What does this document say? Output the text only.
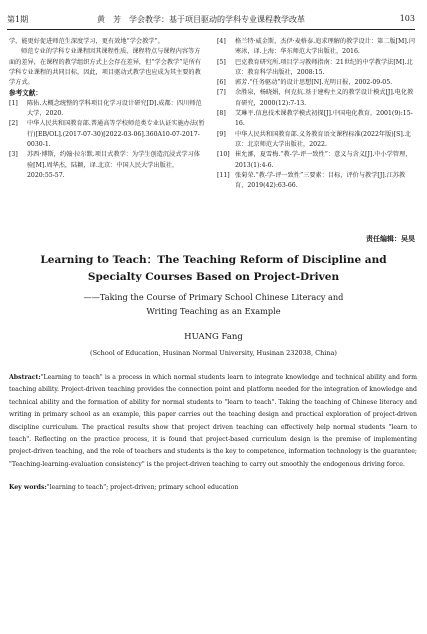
第1期	黄　芳　学会教学：基于项目驱动的学科专业课程教学改革	103

学，能更好促进师范生深度学习，更有效地“学会教学”。

师范专业的学科专业课程因其课程性质、课程特点与课程内容等方面的差异，在课程的教学组织方式上会存在差异，但“学会教学”是所有学科专业课程的共同目标，因此，项目驱动式教学也应成为其主要的教学方式。

参考文献：

[1]	陈佑.大概念统整的学科项目化学习设计研究[D].成都：四川师范大学，2020.
[2]	中华人民共和国教育部.普通高等学校师范类专业认证实施办法(暂行)[EB/OL].(2017-07-30)[2022-03-06].360A10-07-2017-0030-1.
[3]	苏西·博斯，约翰·拉尔默.项目式教学：为学生创造沉浸式学习体验[M].周华杰，陆颖，译.北京：中国人民大学出版社，2020:55-57.
[4]	格兰特·威金斯，杰伊·麦格泰.追求理解的教学设计：第二版[M].闫寒冰，译.上海：华东师范大学出版社，2016.
[5]	巴克教育研究所.项目学习教师指南：21世纪的中学教学法[M].北京：教育科学出版社，2008:15.
[6]	郭芳.“任务驱动”的设计思想[N].光明日报，2002-09-05.
[7]	余胜泉，杨晓娟，何克抗.基于建构主义的教学设计模式[J].电化教育研究，2000(12):7-13.
[8]	艾琳平.信息技术课教学模式初探[J].中国电化教育，2001(9):15-16.
[9]	中华人民共和国教育部.义务教育语文课程标准(2022年版)[S].北京：北京师范大学出版社，2022.
[10] 崔允漷，夏雪梅.“教-学-评一致性”：意义与含义[J].中小学管理，2013(1):4-6.
[11] 张菊荣.“教-学-评一致性”三要素：目标，评价与教学[J].江苏教育，2019(42):63-66.
责任编辑：吴昊
Learning to Teach：The Teaching Reform of Discipline and
Specialty Courses Based on Project-Driven
——Taking the Course of Primary School Chinese Literacy and
Writing Teaching as an Example
HUANG Fang
(School of Education, Husinan Normal University, Husinan 232038, China)
Abstract:"Learning to teach" is a process in which normal students learn to integrate knowledge and technical ability and form teaching ability. Project-driven teaching provides the connection point and platform needed for the integration of knowledge and technical ability and the formation of ability for normal students to "learn to teach". Taking the teaching of Chinese literacy and writing in primary school as an example, this paper carries out the teaching design and practical exploration of project-driven discipline curriculum. The practical results show that project driven teaching can effectively help normal students "learn to teach". Reflecting on the practice process, it is found that project-based curriculum design is the premise of implementing project-driven teaching, and the role of teachers and students is the key to competence, information technology is the guarantee; "Teaching-learning-evaluation consistency" is the project-driven teaching to carry out smoothly the endogenous driving force.
Key words:"learning to teach"; project-driven; primary school education
